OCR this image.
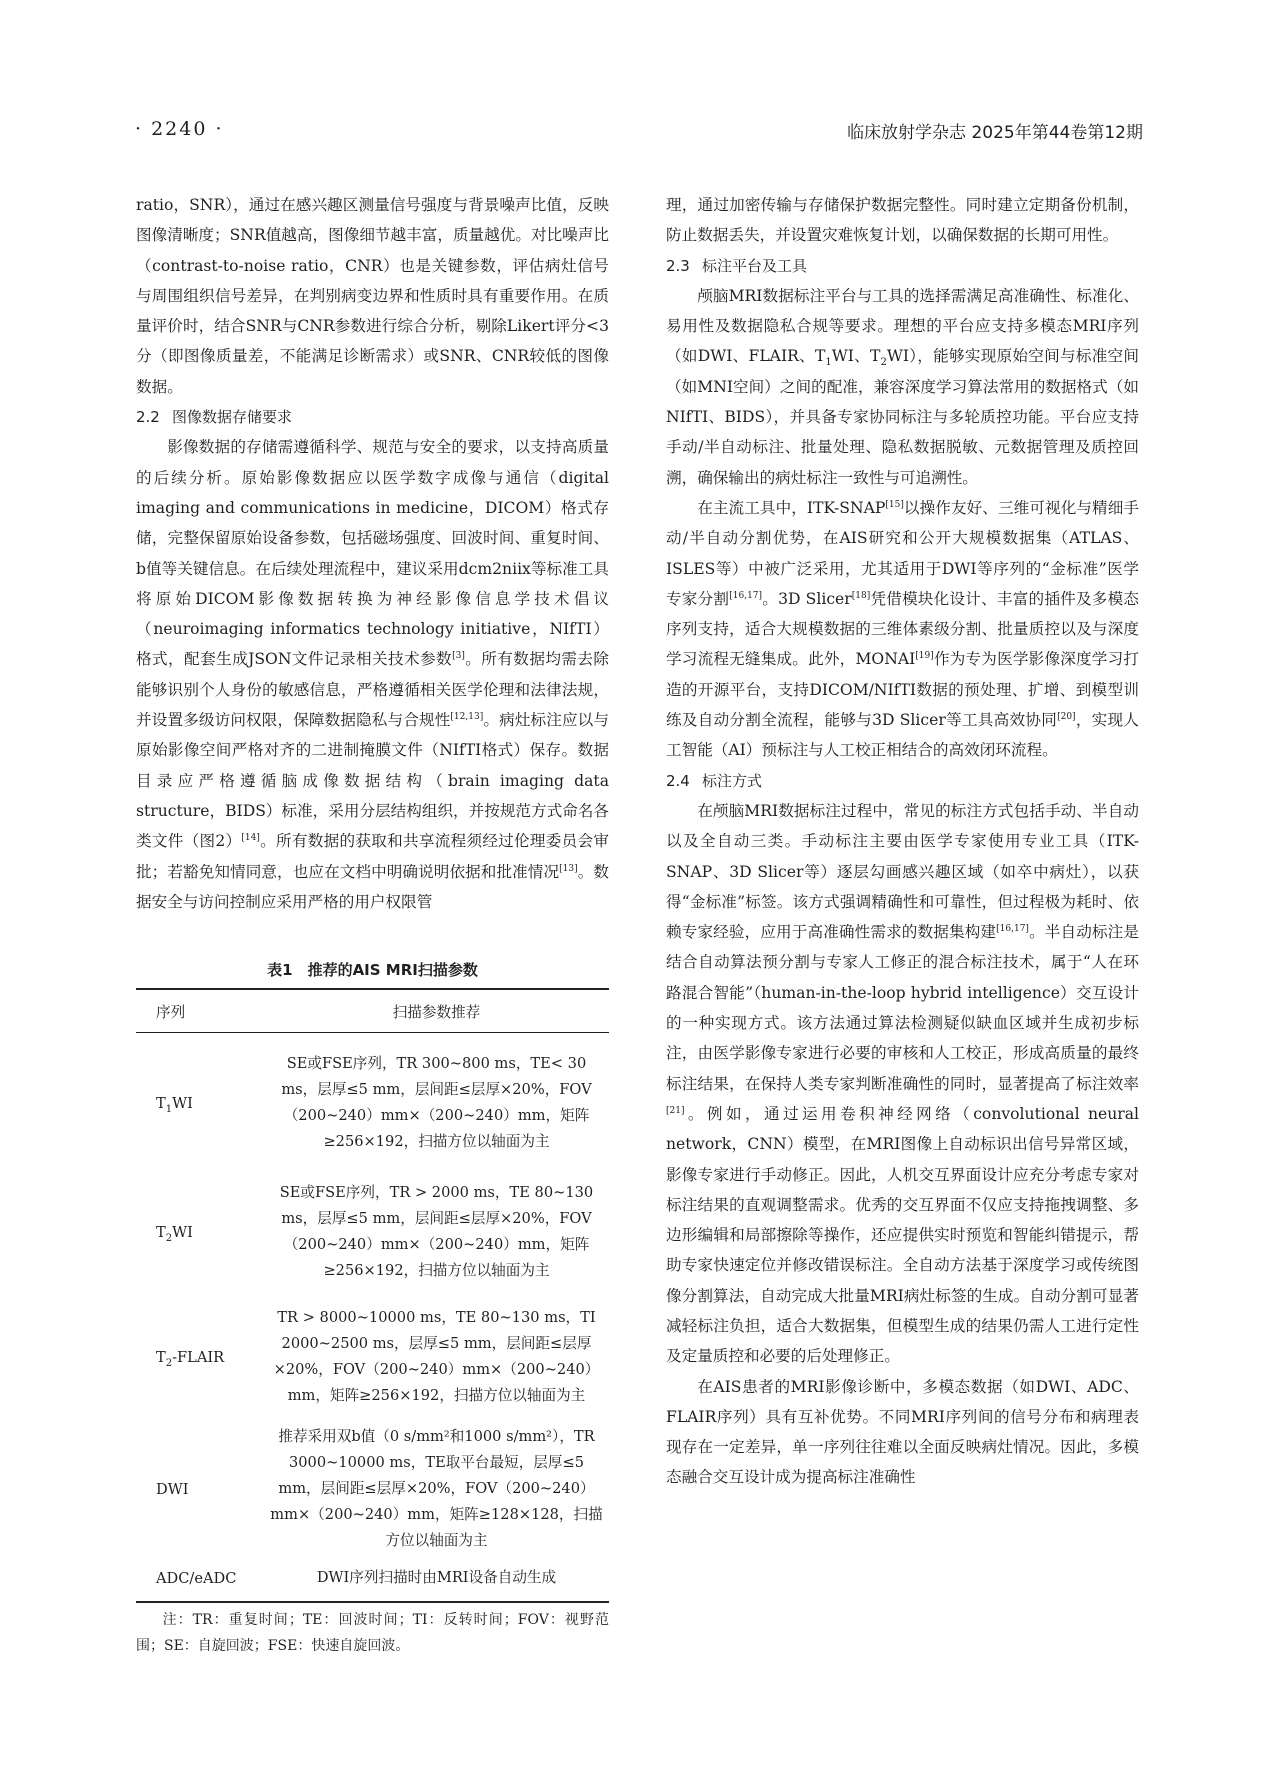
· 2240 ·	临床放射学杂志 2025年第44卷第12期

ratio，SNR），通过在感兴趣区测量信号强度与背景噪声比值，反映图像清晰度；SNR值越高，图像细节越丰富，质量越优。对比噪声比（contrast-to-noise ratio，CNR）也是关键参数，评估病灶信号与周围组织信号差异，在判别病变边界和性质时具有重要作用。在质量评价时，结合SNR与CNR参数进行综合分析，剔除Likert评分<3分（即图像质量差，不能满足诊断需求）或SNR、CNR较低的图像数据。

2.2 图像数据存储要求

影像数据的存储需遵循科学、规范与安全的要求，以支持高质量的后续分析。原始影像数据应以医学数字成像与通信（digital imaging and communications in medicine，DICOM）格式存储，完整保留原始设备参数，包括磁场强度、回波时间、重复时间、b值等关键信息。在后续处理流程中，建议采用dcm2niix等标准工具将原始DICOM影像数据转换为神经影像信息学技术倡议（neuroimaging informatics technology initiative，NIfTI）格式，配套生成JSON文件记录相关技术参数[3]。所有数据均需去除能够识别个人身份的敏感信息，严格遵循相关医学伦理和法律法规，并设置多级访问权限，保障数据隐私与合规性[12,13]。病灶标注应以与原始影像空间严格对齐的二进制掩膜文件（NIfTI格式）保存。数据目录应严格遵循脑成像数据结构（brain imaging data structure，BIDS）标准，采用分层结构组织，并按规范方式命名各类文件（图2）[14]。所有数据的获取和共享流程须经过伦理委员会审批；若豁免知情同意，也应在文档中明确说明依据和批准情况[13]。数据安全与访问控制应采用严格的用户权限管

表1　推荐的AIS MRI扫描参数
序列	扫描参数推荐
$T_1WI$	SE或FSE序列，TR 300~800 ms，TE< 30 ms，层厚≤5 mm，层间距≤层厚×20%，FOV（200~240）mm×（200~240）mm，矩阵≥256×192，扫描方位以轴面为主
$T_2WI$	SE或FSE序列，TR > 2000 ms，TE 80~130 ms，层厚≤5 mm，层间距≤层厚×20%，FOV（200~240）mm×（200~240）mm，矩阵≥256×192，扫描方位以轴面为主
$T_2$-FLAIR	TR > 8000~10000 ms，TE 80~130 ms，TI 2000~2500 ms，层厚≤5 mm，层间距≤层厚×20%，FOV（200~240）mm×（200~240）mm，矩阵≥256×192，扫描方位以轴面为主
DWI	推荐采用双b值（0 s/mm²和1000 s/mm²），TR 3000~10000 ms，TE取平台最短，层厚≤5 mm，层间距≤层厚×20%，FOV（200~240）mm×（200~240）mm，矩阵≥128×128，扫描方位以轴面为主
ADC/eADC	DWI序列扫描时由MRI设备自动生成
注：TR：重复时间；TE：回波时间；TI：反转时间；FOV：视野范围；SE：自旋回波；FSE：快速自旋回波。

理，通过加密传输与存储保护数据完整性。同时建立定期备份机制，防止数据丢失，并设置灾难恢复计划，以确保数据的长期可用性。

2.3 标注平台及工具

颅脑MRI数据标注平台与工具的选择需满足高准确性、标准化、易用性及数据隐私合规等要求。理想的平台应支持多模态MRI序列（如DWI、FLAIR、$T_1WI$、$T_2WI$），能够实现原始空间与标准空间（如MNI空间）之间的配准，兼容深度学习算法常用的数据格式（如NIfTI、BIDS），并具备专家协同标注与多轮质控功能。平台应支持手动/半自动标注、批量处理、隐私数据脱敏、元数据管理及质控回溯，确保输出的病灶标注一致性与可追溯性。

在主流工具中，ITK-SNAP[15]以操作友好、三维可视化与精细手动/半自动分割优势，在AIS研究和公开大规模数据集（ATLAS、ISLES等）中被广泛采用，尤其适用于DWI等序列的“金标准”医学专家分割[16,17]。3D Slicer[18]凭借模块化设计、丰富的插件及多模态序列支持，适合大规模数据的三维体素级分割、批量质控以及与深度学习流程无缝集成。此外，MONAI[19]作为专为医学影像深度学习打造的开源平台，支持DICOM/NIfTI数据的预处理、扩增、到模型训练及自动分割全流程，能够与3D Slicer等工具高效协同[20]，实现人工智能（AI）预标注与人工校正相结合的高效闭环流程。

2.4 标注方式

在颅脑MRI数据标注过程中，常见的标注方式包括手动、半自动以及全自动三类。手动标注主要由医学专家使用专业工具（ITK-SNAP、3D Slicer等）逐层勾画感兴趣区域（如卒中病灶），以获得“金标准”标签。该方式强调精确性和可靠性，但过程极为耗时、依赖专家经验，应用于高准确性需求的数据集构建[16,17]。半自动标注是结合自动算法预分割与专家人工修正的混合标注技术，属于“人在环路混合智能”（human-in-the-loop hybrid intelligence）交互设计的一种实现方式。该方法通过算法检测疑似缺血区域并生成初步标注，由医学影像专家进行必要的审核和人工校正，形成高质量的最终标注结果，在保持人类专家判断准确性的同时，显著提高了标注效率[21]。例如，通过运用卷积神经网络（convolutional neural network，CNN）模型，在MRI图像上自动标识出信号异常区域，影像专家进行手动修正。因此，人机交互界面设计应充分考虑专家对标注结果的直观调整需求。优秀的交互界面不仅应支持拖拽调整、多边形编辑和局部擦除等操作，还应提供实时预览和智能纠错提示，帮助专家快速定位并修改错误标注。全自动方法基于深度学习或传统图像分割算法，自动完成大批量MRI病灶标签的生成。自动分割可显著减轻标注负担，适合大数据集，但模型生成的结果仍需人工进行定性及定量质控和必要的后处理修正。

在AIS患者的MRI影像诊断中，多模态数据（如DWI、ADC、FLAIR序列）具有互补优势。不同MRI序列间的信号分布和病理表现存在一定差异，单一序列往往难以全面反映病灶情况。因此，多模态融合交互设计成为提高标注准确性
